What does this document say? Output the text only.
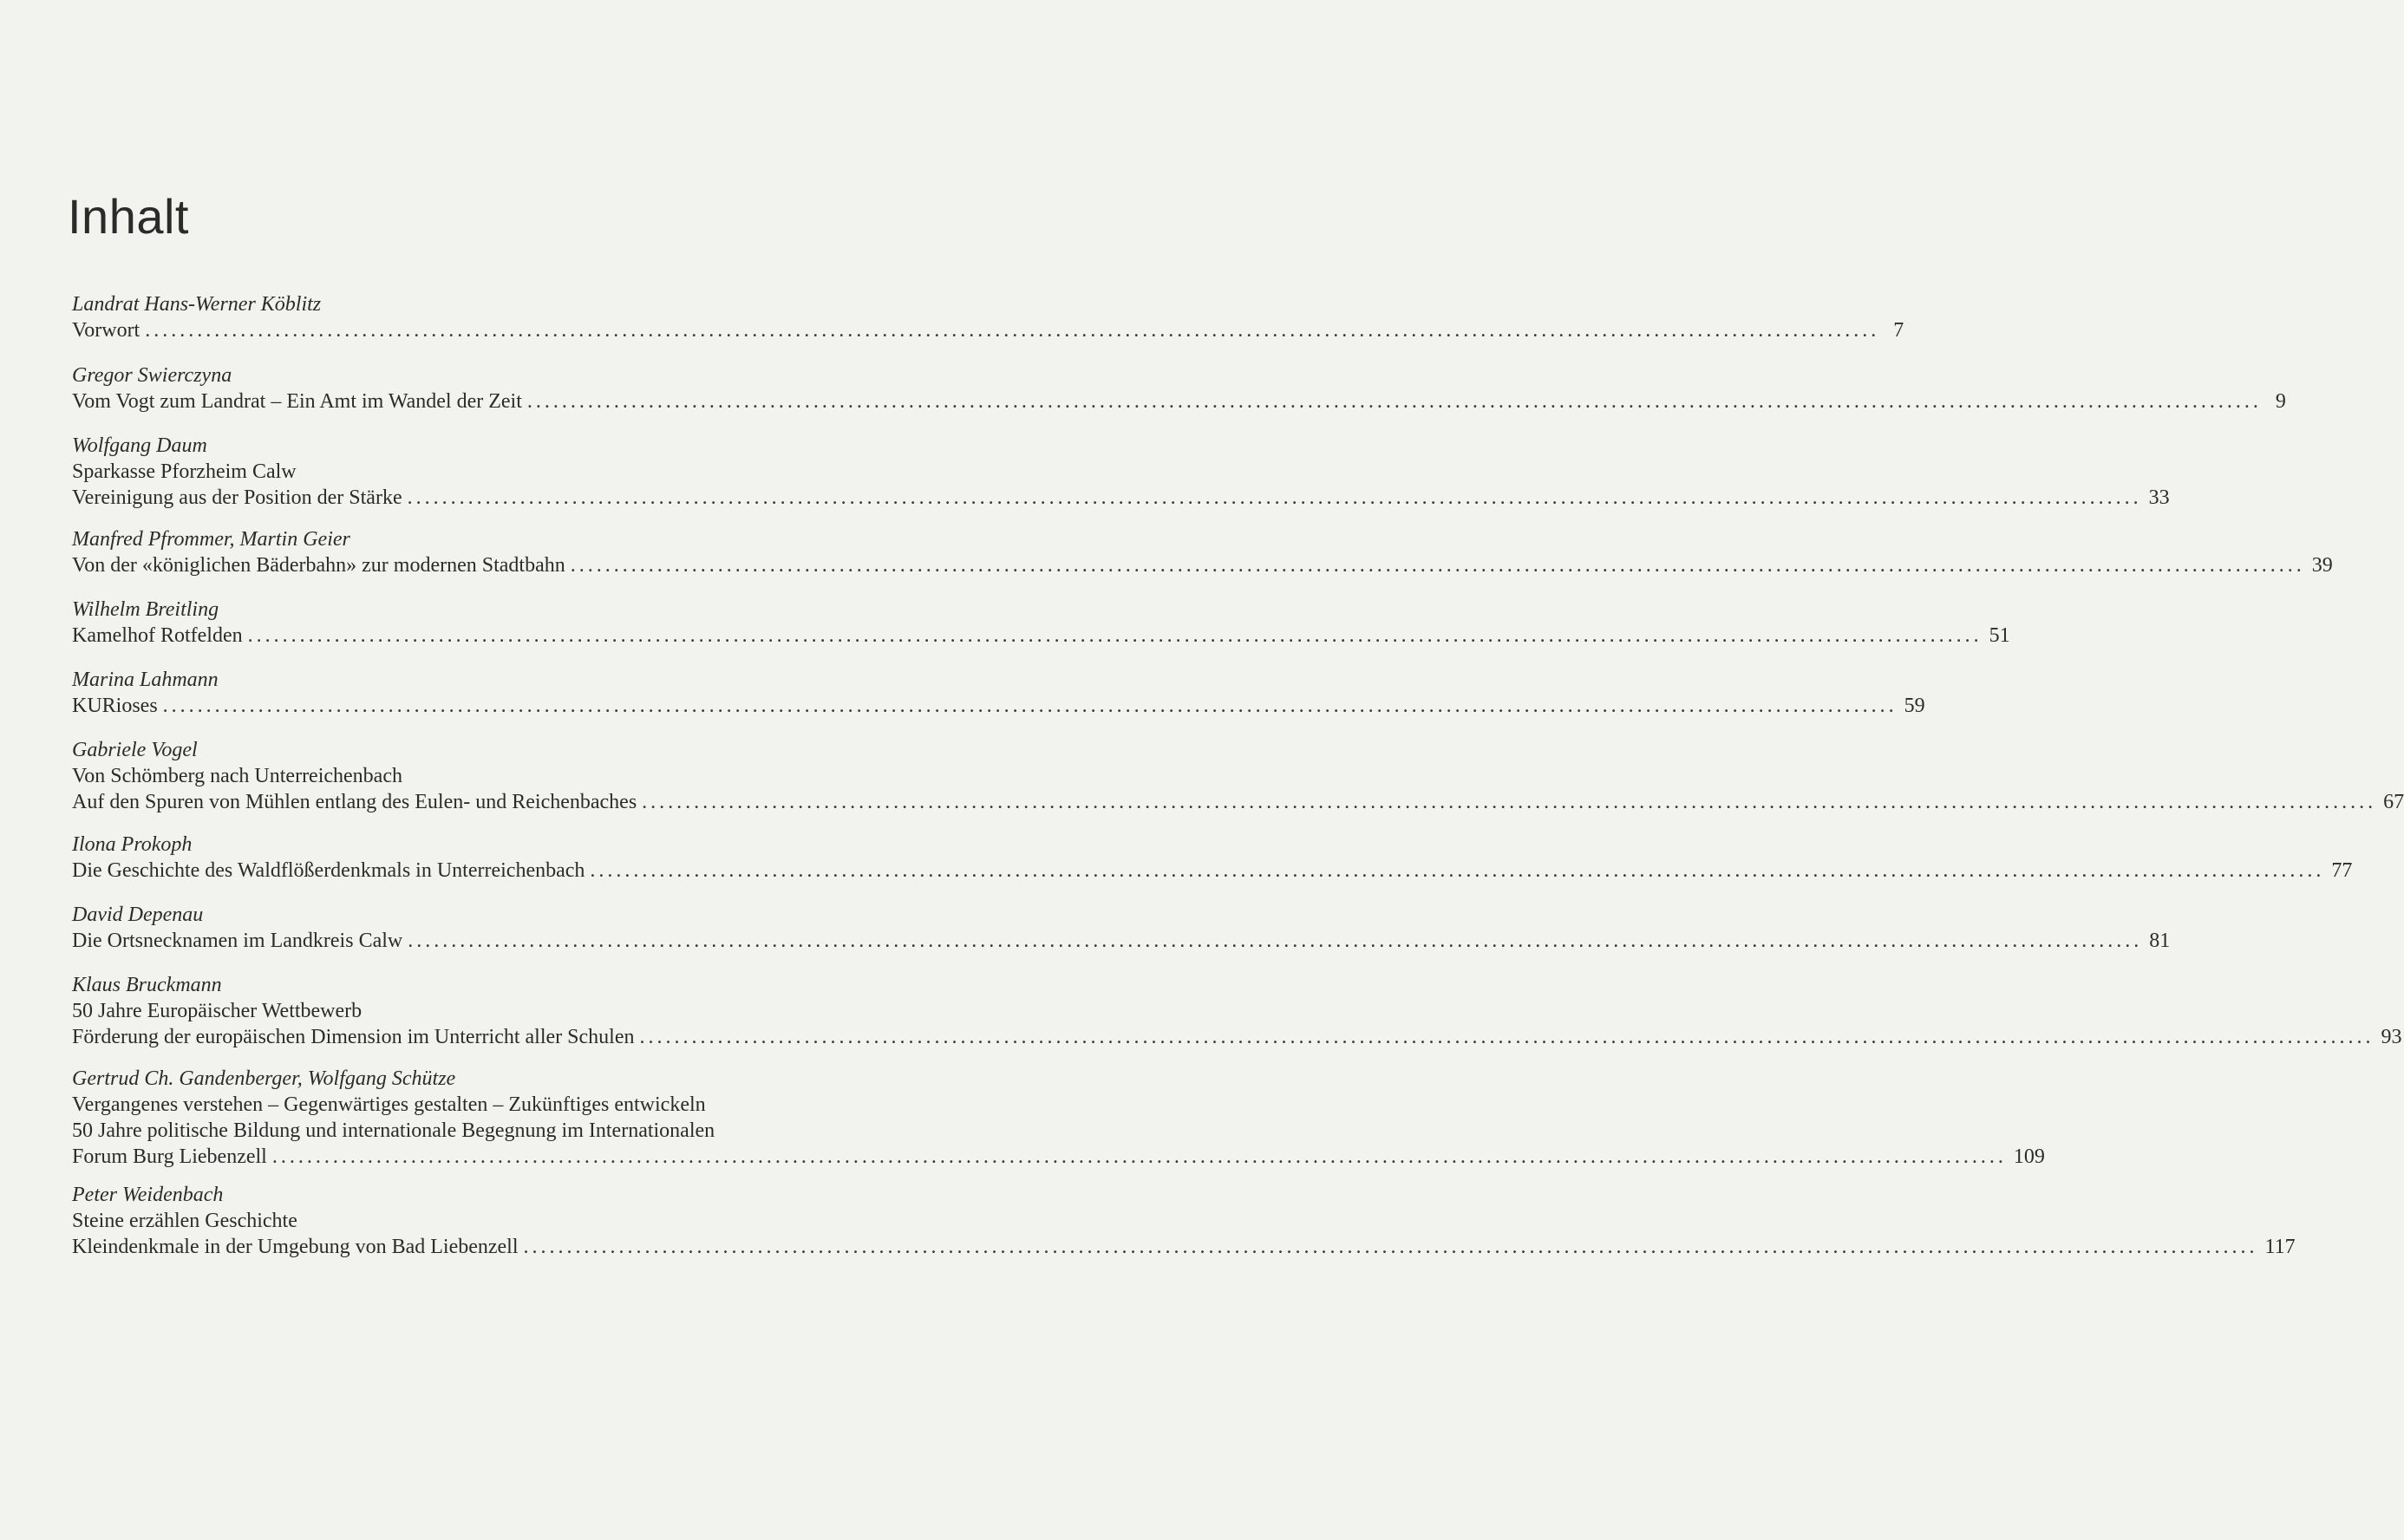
Inhalt
Landrat Hans-Werner Köblitz
Vorwort ........................................................................................................................................................................................................ 7
Gregor Swierczyna
Vom Vogt zum Landrat – Ein Amt im Wandel der Zeit ........................................................................................................................................................................................................ 9
Wolfgang Daum
Sparkasse Pforzheim Calw
Vereinigung aus der Position der Stärke ........................................................................................................................................................................................................ 33
Manfred Pfrommer, Martin Geier
Von der «königlichen Bäderbahn» zur modernen Stadtbahn ........................................................................................................................................................................................................ 39
Wilhelm Breitling
Kamelhof Rotfelden ........................................................................................................................................................................................................ 51
Marina Lahmann
KURioses ........................................................................................................................................................................................................ 59
Gabriele Vogel
Von Schömberg nach Unterreichenbach
Auf den Spuren von Mühlen entlang des Eulen- und Reichenbaches ........................................................................................................................................................................................................ 67
Ilona Prokoph
Die Geschichte des Waldflößerdenkmals in Unterreichenbach ........................................................................................................................................................................................................ 77
David Depenau
Die Ortsnecknamen im Landkreis Calw ........................................................................................................................................................................................................ 81
Klaus Bruckmann
50 Jahre Europäischer Wettbewerb
Förderung der europäischen Dimension im Unterricht aller Schulen ........................................................................................................................................................................................................ 93
Gertrud Ch. Gandenberger, Wolfgang Schütze
Vergangenes verstehen – Gegenwärtiges gestalten – Zukünftiges entwickeln
50 Jahre politische Bildung und internationale Begegnung im Internationalen
Forum Burg Liebenzell ........................................................................................................................................................................................................ 109
Peter Weidenbach
Steine erzählen Geschichte
Kleindenkmale in der Umgebung von Bad Liebenzell ........................................................................................................................................................................................................ 117
